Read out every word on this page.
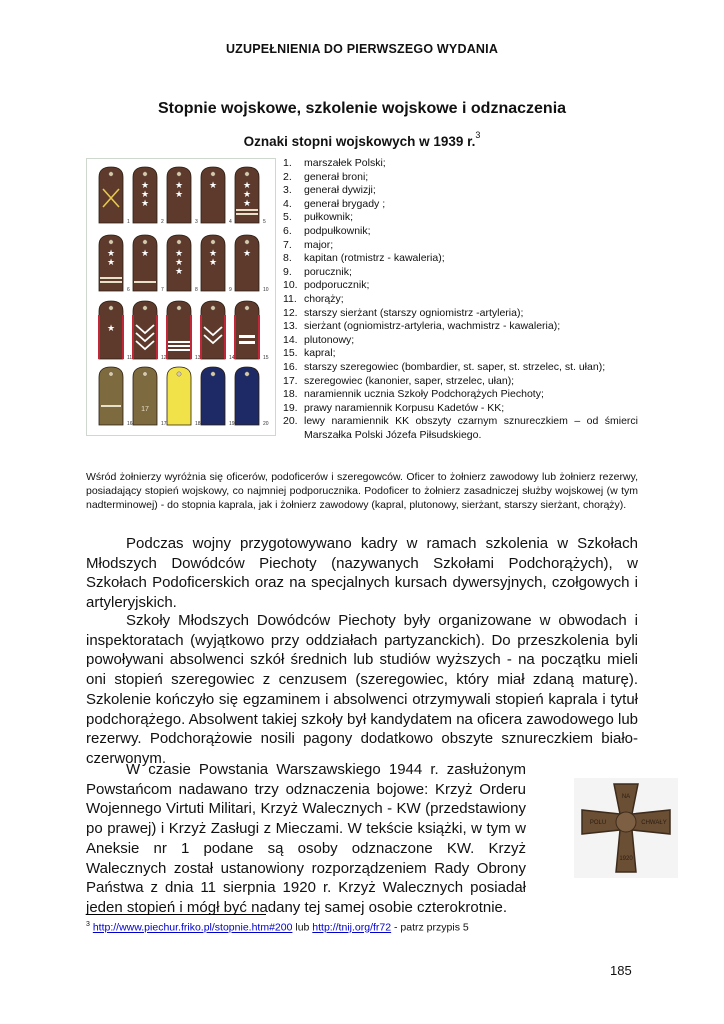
UZUPEŁNIENIA DO PIERWSZEGO WYDANIA
Stopnie wojskowe, szkolenie wojskowe i odznaczenia
Oznaki stopni wojskowych w 1939 r.$^3$
1
★
★
★
2
★
★
3
★
4
★
★
★
5
★
★
6
★
7
★
★
★
8
★
★
9
★
10
★
11	12	13	14	15
16
17
17	18	19	20
1.	marszałek Polski;
2.	generał broni;
3.	generał dywizji;
4.	generał brygady ;
5.	pułkownik;
6.	podpułkownik;
7.	major;
8.	kapitan (rotmistrz - kawaleria);
9.	porucznik;
10. podporucznik;
11. chorąży;
12. starszy sierżant (starszy ogniomistrz -artyleria);
13. sierżant (ogniomistrz-artyleria, wachmistrz - kawaleria);
14. plutonowy;
15. kapral;
16. starszy szeregowiec (bombardier, st. saper, st. strzelec, st. ułan);
17. szeregowiec (kanonier, saper, strzelec, ułan);
18. naramiennik ucznia Szkoły Podchorążych Piechoty;
19. prawy naramiennik Korpusu Kadetów - KK;
20. lewy naramiennik KK obszyty czarnym sznureczkiem – od śmierci Marszałka Polski Józefa Piłsudskiego.
Wśród żołnierzy wyróżnia się oficerów, podoficerów i szeregowców. Oficer to żołnierz zawodowy lub żołnierz rezerwy, posiadający stopień wojskowy, co najmniej podporucznika. Podoficer to żołnierz zasadniczej służby wojskowej (w tym nadterminowej) - do stopnia kaprala, jak i żołnierz zawodowy (kapral, plutonowy, sierżant, starszy sierżant, chorąży).
Podczas wojny przygotowywano kadry w ramach szkolenia w Szkołach Młodszych Dowódców Piechoty (nazywanych Szkołami Podchorążych), w Szkołach Podoficerskich oraz na specjalnych kursach dywersyjnych, czołgowych i artyleryjskich.
Szkoły Młodszych Dowódców Piechoty były organizowane w obwodach i inspektoratach (wyjątkowo przy oddziałach partyzanckich). Do przeszkolenia byli powoływani absolwenci szkół średnich lub studiów wyższych - na początku mieli oni stopień szeregowiec z cenzusem (szeregowiec, który miał zdaną maturę). Szkolenie kończyło się egzaminem i absolwenci otrzymywali stopień kaprala i tytuł podchorążego. Absolwent takiej szkoły był kandydatem na oficera zawodowego lub rezerwy. Podchorążowie nosili pagony dodatkowo obszyte sznureczkiem biało-czerwonym.
NA
POLU	CHWAŁY
1920
W czasie Powstania Warszawskiego 1944 r. zasłużonym Powstańcom nadawano trzy odznaczenia bojowe: Krzyż Orderu Wojennego Virtuti Militari, Krzyż Walecznych - KW (przedstawiony po prawej) i Krzyż Zasługi z Mieczami. W tekście książki, w tym w Aneksie nr 1 podane są osoby odznaczone KW. Krzyż Walecznych został ustanowiony rozporządzeniem Rady Obrony Państwa z dnia 11 sierpnia 1920 r. Krzyż Walecznych posiadał jeden stopień i mógł być nadany tej samej osobie czterokrotnie.
$^3$ http://www.piechur.friko.pl/stopnie.htm#200 lub http://tnij.org/fr72 - patrz przypis 5
185
